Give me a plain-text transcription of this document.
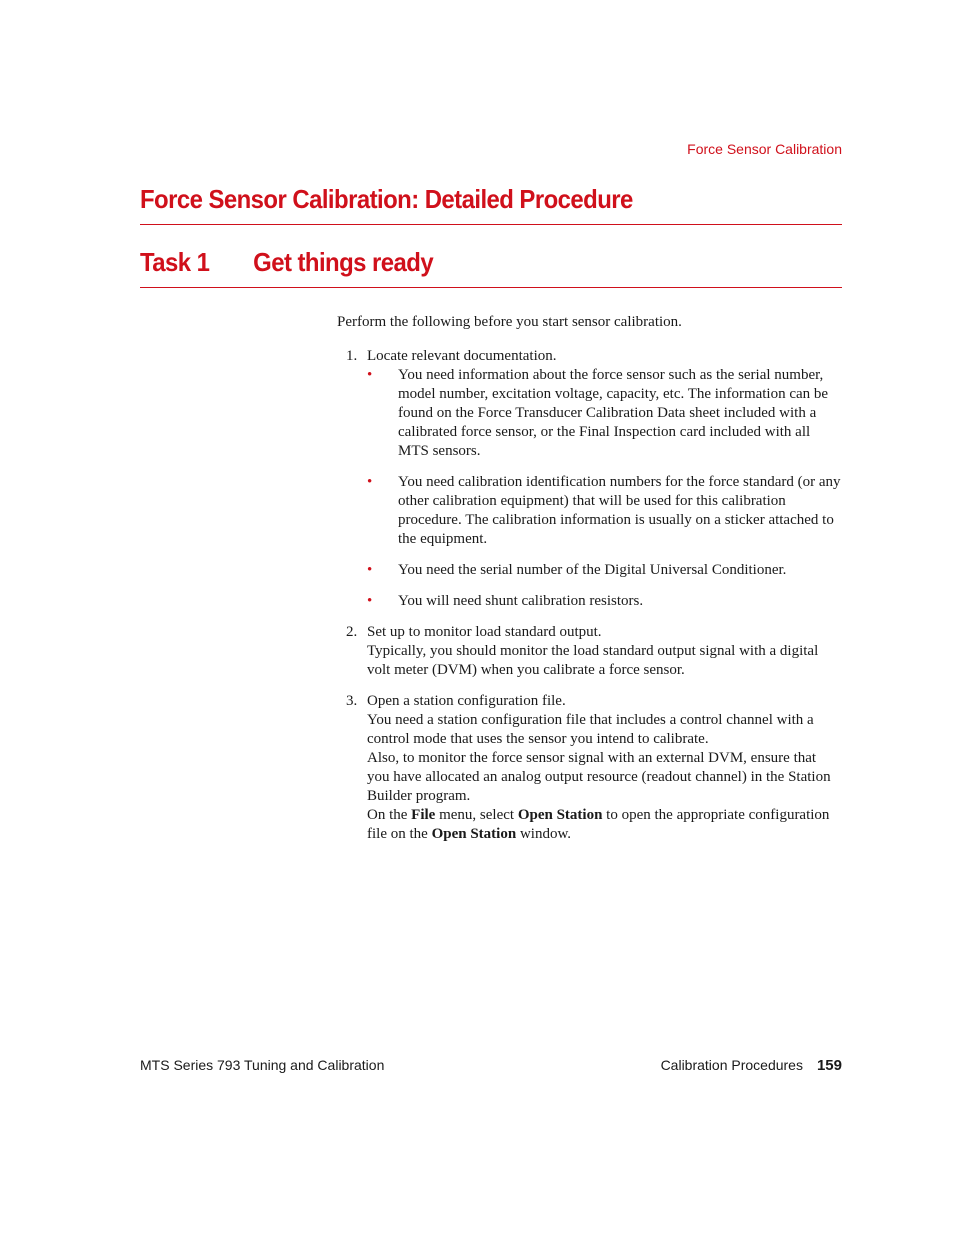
Force Sensor Calibration
Force Sensor Calibration: Detailed Procedure
Task 1 Get things ready

Perform the following before you start sensor calibration.

1. Locate relevant documentation.

• You need information about the force sensor such as the serial number, model number, excitation voltage, capacity, etc. The information can be found on the Force Transducer Calibration Data sheet included with a calibrated force sensor, or the Final Inspection card included with all MTS sensors.
• You need calibration identification numbers for the force standard (or any other calibration equipment) that will be used for this calibration procedure. The calibration information is usually on a sticker attached to the equipment.
• You need the serial number of the Digital Universal Conditioner.
• You will need shunt calibration resistors.
2. Set up to monitor load standard output.

Typically, you should monitor the load standard output signal with a digital volt meter (DVM) when you calibrate a force sensor.

3. Open a station configuration file.

You need a station configuration file that includes a control channel with a control mode that uses the sensor you intend to calibrate.

Also, to monitor the force sensor signal with an external DVM, ensure that you have allocated an analog output resource (readout channel) in the Station Builder program.

On the File menu, select Open Station to open the appropriate configuration file on the Open Station window.

MTS Series 793 Tuning and Calibration	Calibration Procedures 159
